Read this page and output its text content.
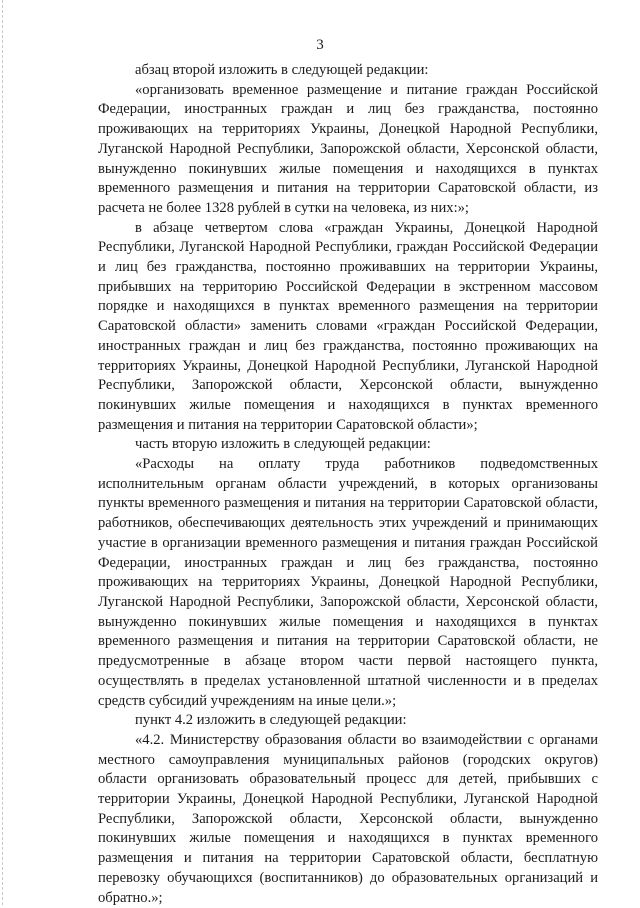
3

абзац второй изложить в следующей редакции:

«организовать временное размещение и питание граждан Российской Федерации, иностранных граждан и лиц без гражданства, постоянно проживающих на территориях Украины, Донецкой Народной Республики, Луганской Народной Республики, Запорожской области, Херсонской области, вынужденно покинувших жилые помещения и находящихся в пунктах временного размещения и питания на территории Саратовской области, из расчета не более 1328 рублей в сутки на человека, из них:»;

в абзаце четвертом слова «граждан Украины, Донецкой Народной Республики, Луганской Народной Республики, граждан Российской Федерации и лиц без гражданства, постоянно проживавших на территории Украины, прибывших на территорию Российской Федерации в экстренном массовом порядке и находящихся в пунктах временного размещения на территории Саратовской области» заменить словами «граждан Российской Федерации, иностранных граждан и лиц без гражданства, постоянно проживающих на территориях Украины, Донецкой Народной Республики, Луганской Народной Республики, Запорожской области, Херсонской области, вынужденно покинувших жилые помещения и находящихся в пунктах временного размещения и питания на территории Саратовской области»;

часть вторую изложить в следующей редакции:

«Расходы на оплату труда работников подведомственных исполнительным органам области учреждений, в которых организованы пункты временного размещения и питания на территории Саратовской области, работников, обеспечивающих деятельность этих учреждений и принимающих участие в организации временного размещения и питания граждан Российской Федерации, иностранных граждан и лиц без гражданства, постоянно проживающих на территориях Украины, Донецкой Народной Республики, Луганской Народной Республики, Запорожской области, Херсонской области, вынужденно покинувших жилые помещения и находящихся в пунктах временного размещения и питания на территории Саратовской области, не предусмотренные в абзаце втором части первой настоящего пункта, осуществлять в пределах установленной штатной численности и в пределах средств субсидий учреждениям на иные цели.»;

пункт 4.2 изложить в следующей редакции:

«4.2. Министерству образования области во взаимодействии с органами местного самоуправления муниципальных районов (городских округов) области организовать образовательный процесс для детей, прибывших с территории Украины, Донецкой Народной Республики, Луганской Народной Республики, Запорожской области, Херсонской области, вынужденно покинувших жилые помещения и находящихся в пунктах временного размещения и питания на территории Саратовской области, бесплатную перевозку обучающихся (воспитанников) до образовательных организаций и обратно.»;
